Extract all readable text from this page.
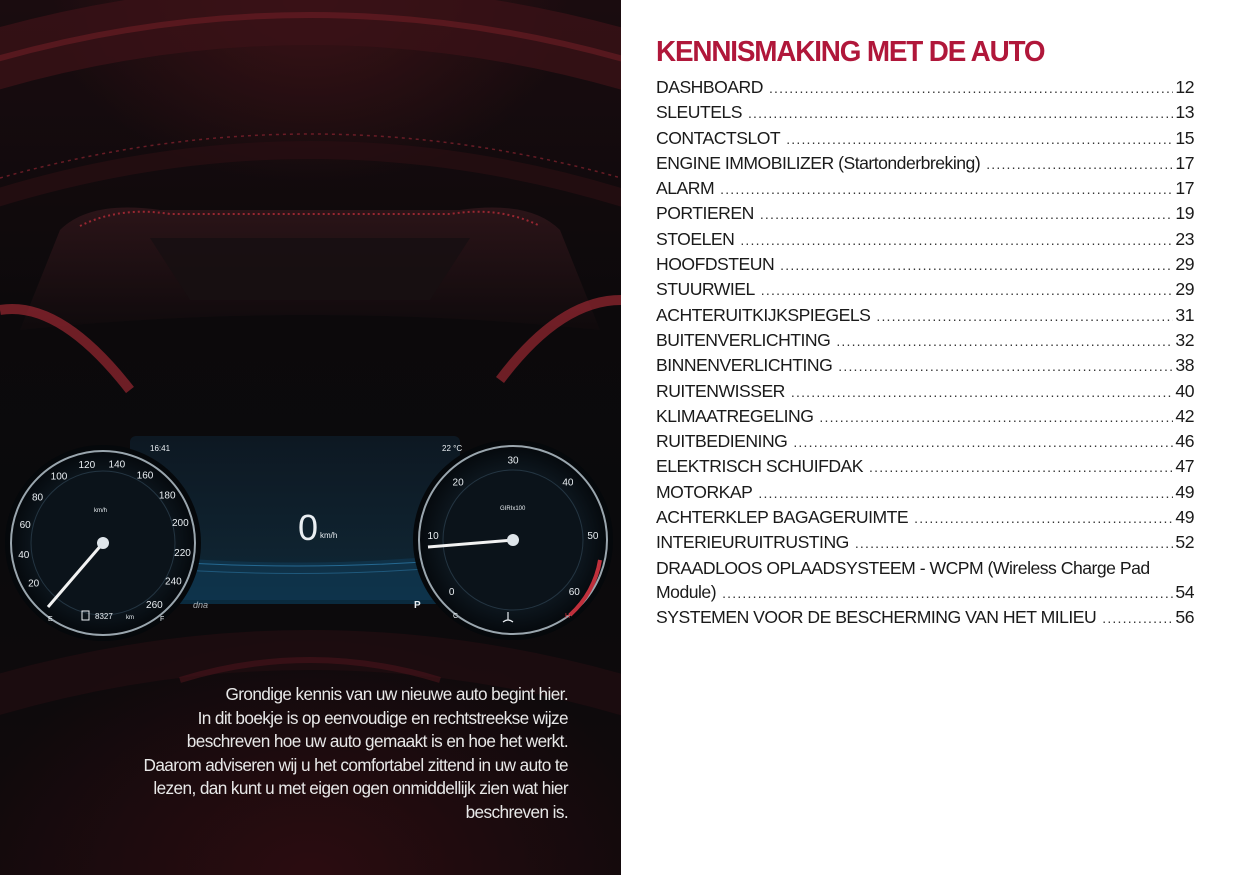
20
40
60
80
100
120 140
160
180
200
220
240
260
0
10
20
30
40
50
60
16:41	22 °C
0 km/h
km/h	GIRIx100
8327 km
P
dna
E	F	C	H

Grondige kennis van uw nieuwe auto begint hier.

In dit boekje is op eenvoudige en rechtstreekse wijze

beschreven hoe uw auto gemaakt is en hoe het werkt.

Daarom adviseren wij u het comfortabel zittend in uw auto te

lezen, dan kunt u met eigen ogen onmiddellijk zien wat hier

beschreven is.

KENNISMAKING MET DE AUTO
DASHBOARD .....	12
SLEUTELS .....	13
CONTACTSLOT .....	15
ENGINE IMMOBILIZER (Startonderbreking) .....	17
ALARM .....	17
PORTIEREN .....	19
STOELEN .....	23
HOOFDSTEUN .....	29
STUURWIEL .....	29
ACHTERUITKIJKSPIEGELS .....	31
BUITENVERLICHTING .....	32
BINNENVERLICHTING .....	38
RUITENWISSER .....	40
KLIMAATREGELING .....	42
RUITBEDIENING .....	46
ELEKTRISCH SCHUIFDAK .....	47
MOTORKAP .....	49
ACHTERKLEP BAGAGERUIMTE .....	49
INTERIEURUITRUSTING .....	52
DRAADLOOS OPLAADSYSTEEM - WCPM (Wireless Charge Pad
Module) .....	54
SYSTEMEN VOOR DE BESCHERMING VAN HET MILIEU .....	56
